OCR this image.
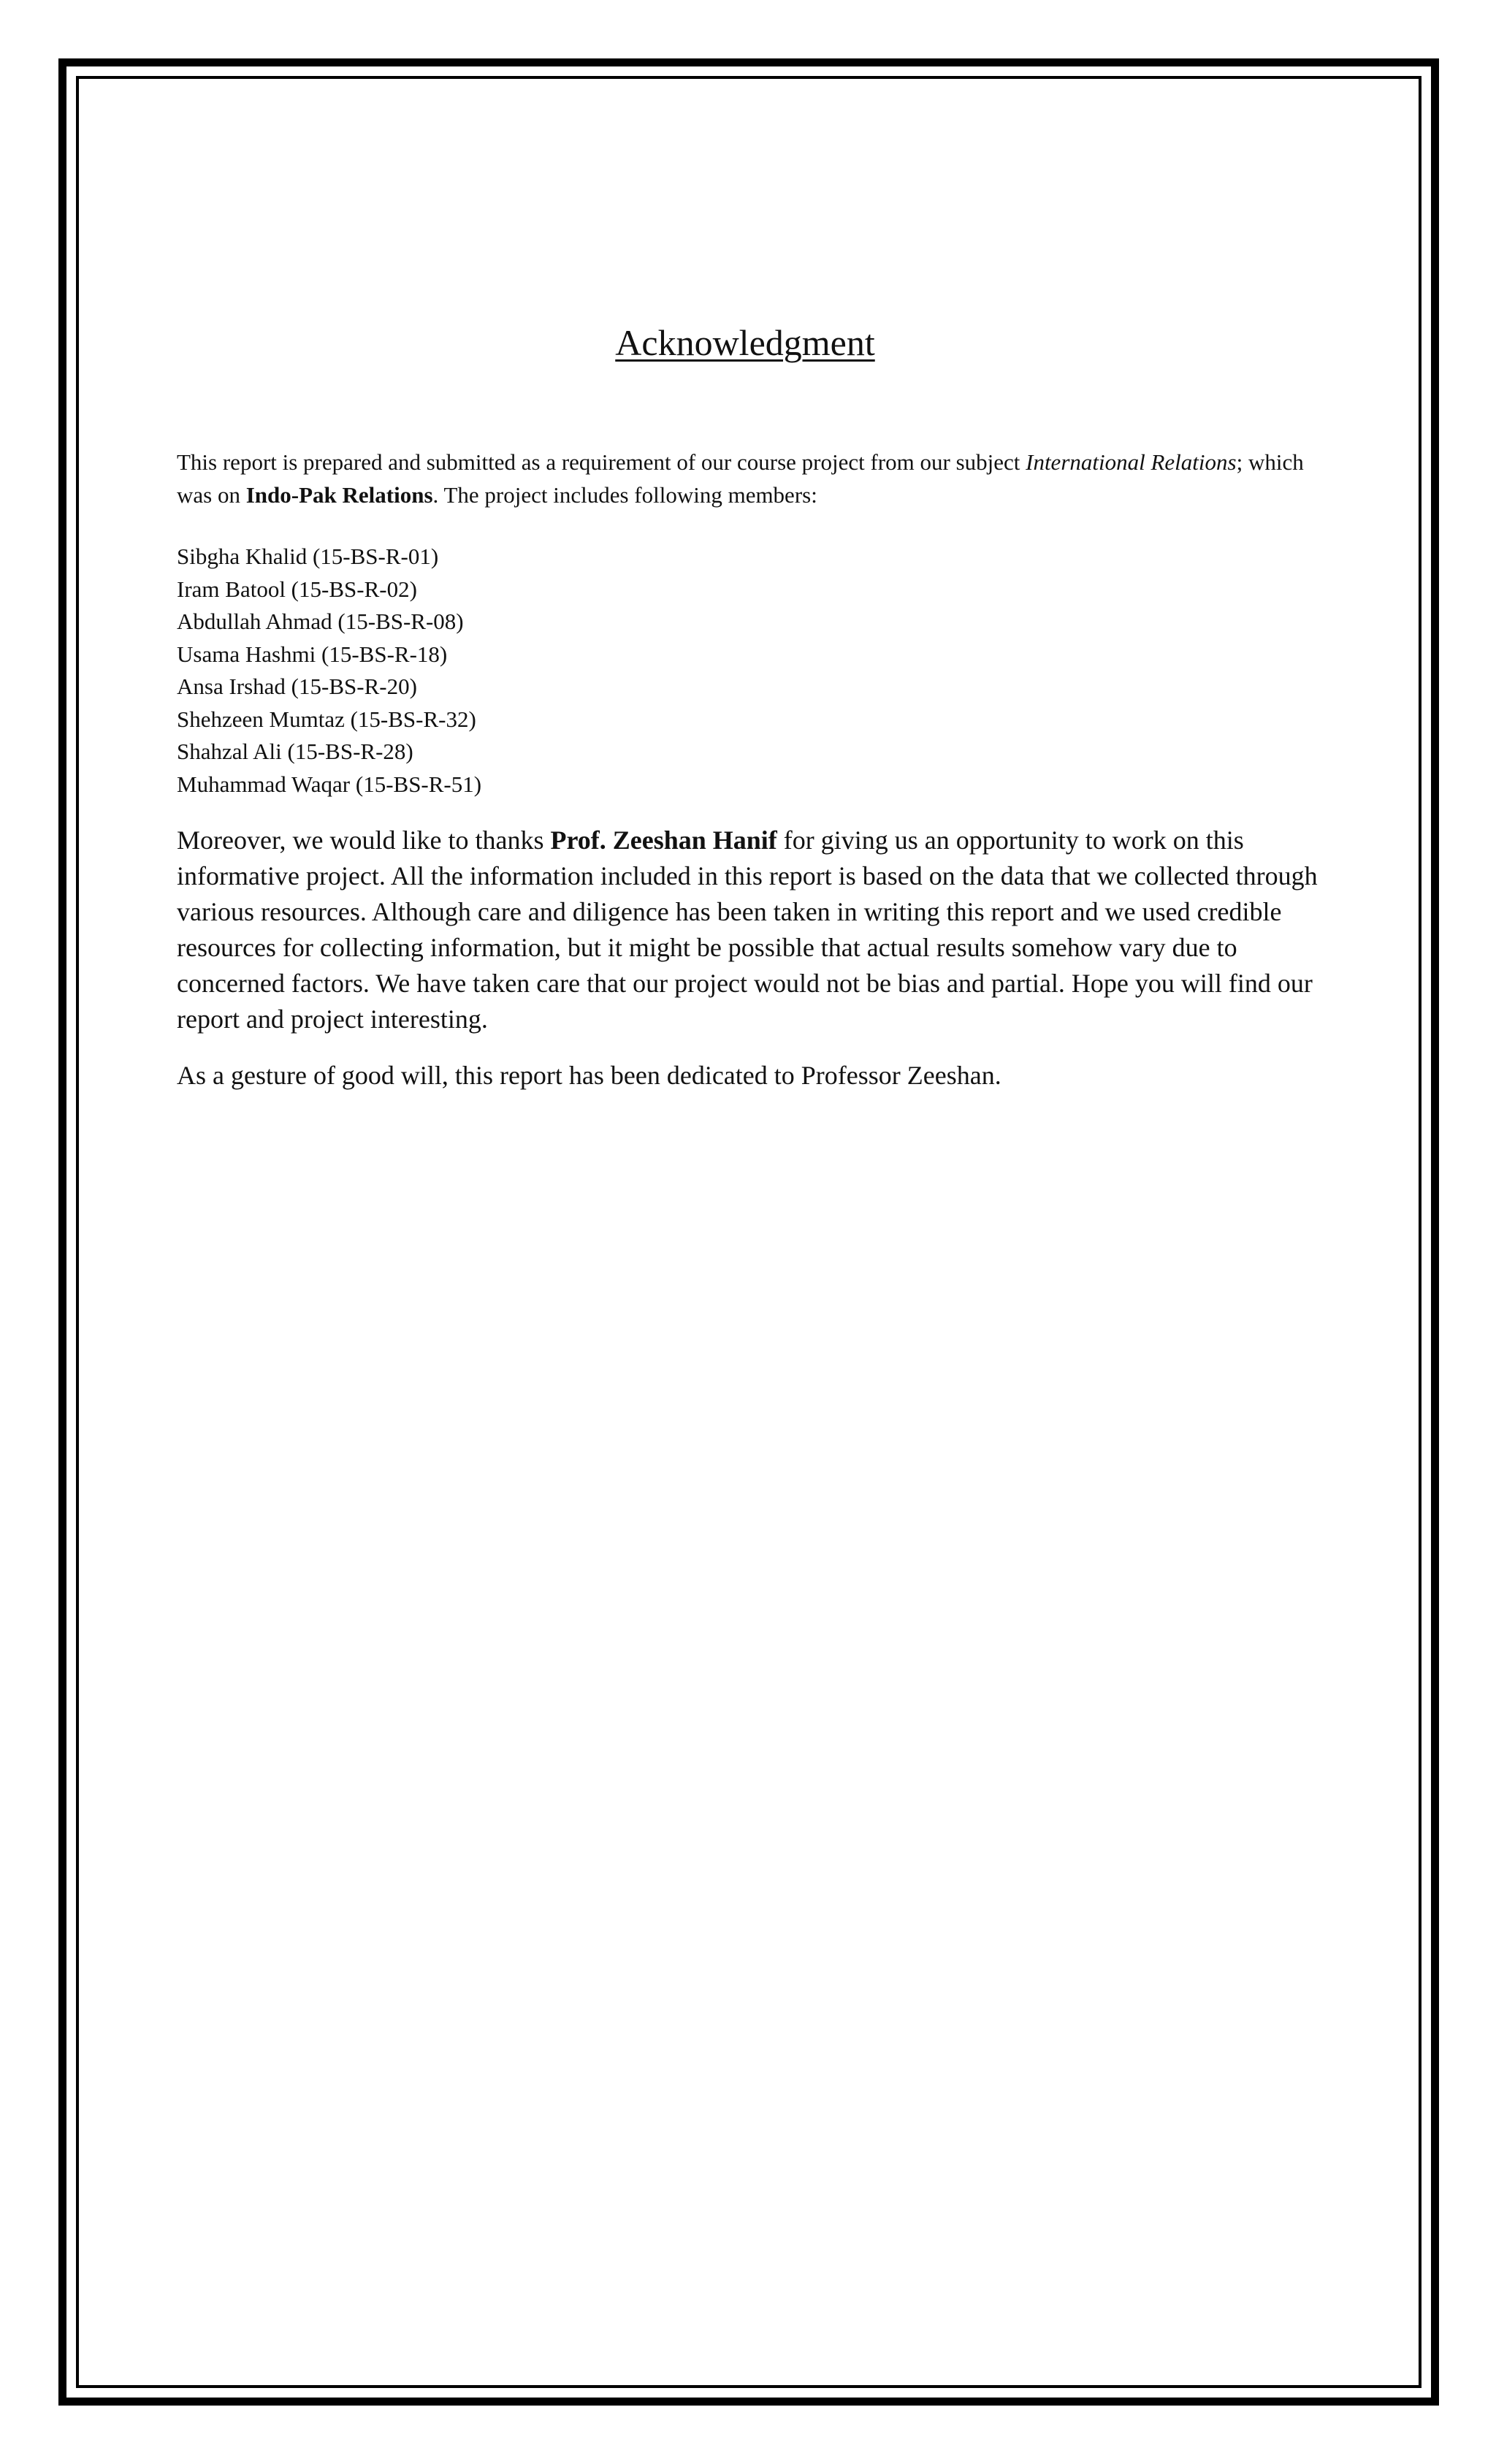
Acknowledgment

This report is prepared and submitted as a requirement of our course project from our subject International Relations; which was on Indo-Pak Relations. The project includes following members:

Sibgha Khalid (15-BS-R-01)
Iram Batool (15-BS-R-02)
Abdullah Ahmad (15-BS-R-08)
Usama Hashmi (15-BS-R-18)
Ansa Irshad (15-BS-R-20)
Shehzeen Mumtaz (15-BS-R-32)
Shahzal Ali (15-BS-R-28)
Muhammad Waqar (15-BS-R-51)

Moreover, we would like to thanks Prof. Zeeshan Hanif for giving us an opportunity to work on this informative project. All the information included in this report is based on the data that we collected through various resources. Although care and diligence has been taken in writing this report and we used credible resources for collecting information, but it might be possible that actual results somehow vary due to concerned factors. We have taken care that our project would not be bias and partial. Hope you will find our report and project interesting.

As a gesture of good will, this report has been dedicated to Professor Zeeshan.
